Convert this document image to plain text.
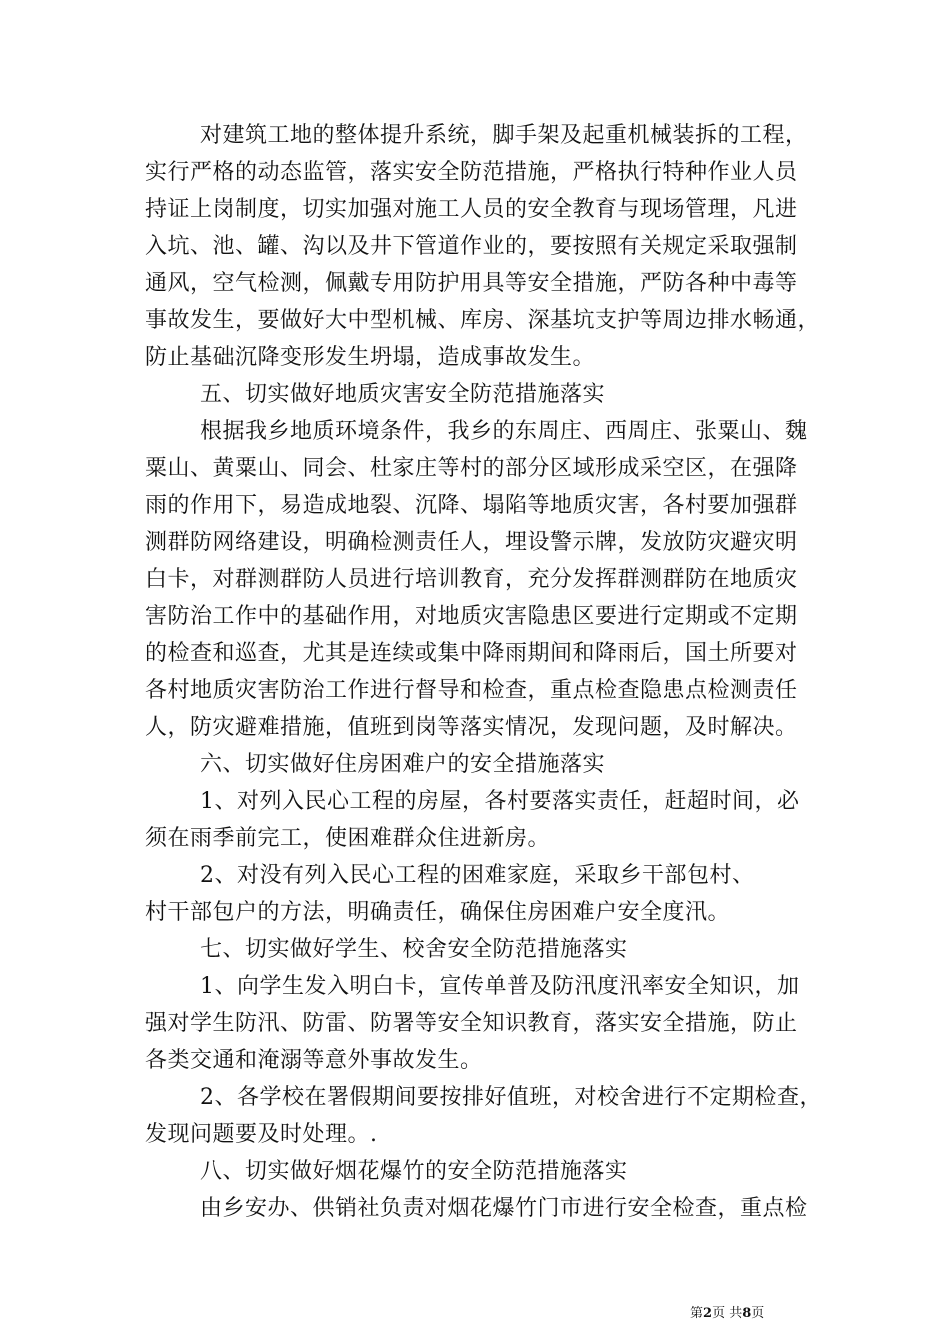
对建筑工地的整体提升系统，脚手架及起重机械装拆的工程，
实行严格的动态监管，落实安全防范措施，严格执行特种作业人员
持证上岗制度，切实加强对施工人员的安全教育与现场管理，凡进
入坑、池、罐、沟以及井下管道作业的，要按照有关规定采取强制
通风，空气检测，佩戴专用防护用具等安全措施，严防各种中毒等
事故发生，要做好大中型机械、库房、深基坑支护等周边排水畅通，
防止基础沉降变形发生坍塌，造成事故发生。
五、切实做好地质灾害安全防范措施落实
根据我乡地质环境条件，我乡的东周庄、西周庄、张粟山、魏
粟山、黄粟山、同会、杜家庄等村的部分区域形成采空区，在强降
雨的作用下，易造成地裂、沉降、塌陷等地质灾害，各村要加强群
测群防网络建设，明确检测责任人，埋设警示牌，发放防灾避灾明
白卡，对群测群防人员进行培训教育，充分发挥群测群防在地质灾
害防治工作中的基础作用，对地质灾害隐患区要进行定期或不定期
的检查和巡查，尤其是连续或集中降雨期间和降雨后，国土所要对
各村地质灾害防治工作进行督导和检查，重点检查隐患点检测责任
人，防灾避难措施，值班到岗等落实情况，发现问题，及时解决。
六、切实做好住房困难户的安全措施落实
1、对列入民心工程的房屋，各村要落实责任，赶超时间，必
须在雨季前完工，使困难群众住进新房。
2、对没有列入民心工程的困难家庭，采取乡干部包村、
村干部包户的方法，明确责任，确保住房困难户安全度汛。
七、切实做好学生、校舍安全防范措施落实
1、向学生发入明白卡，宣传单普及防汛度汛率安全知识，加
强对学生防汛、防雷、防署等安全知识教育，落实安全措施，防止
各类交通和淹溺等意外事故发生。
2、各学校在署假期间要按排好值班，对校舍进行不定期检查，
发现问题要及时处理。.
八、切实做好烟花爆竹的安全防范措施落实
由乡安办、供销社负责对烟花爆竹门市进行安全检查，重点检
第2页 共8页
